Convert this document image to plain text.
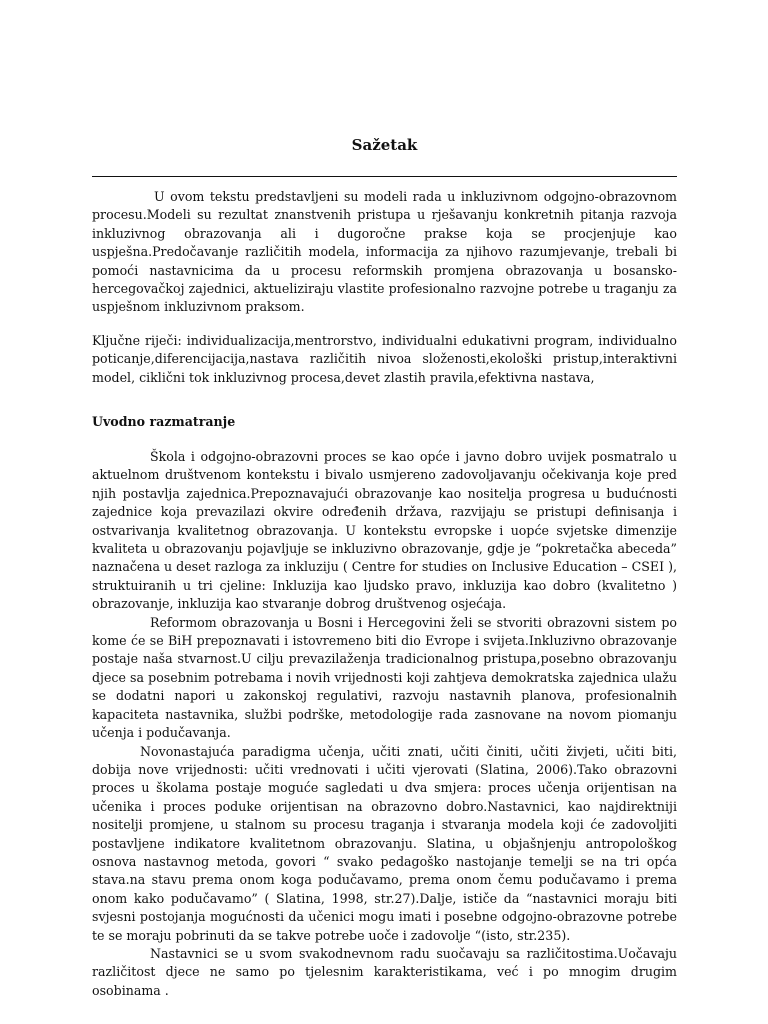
Sažetak

U ovom tekstu predstavljeni su modeli rada u inkluzivnom odgojno-obrazovnom procesu.Modeli su rezultat znanstvenih pristupa u rješavanju konkretnih pitanja razvoja inkluzivnog obrazovanja ali i dugoročne prakse koja se procjenjuje kao uspješna.Predočavanje različitih modela, informacija za njihovo razumjevanje, trebali bi pomoći nastavnicima da u procesu reformskih promjena obrazovanja u bosansko-hercegovačkoj zajednici, aktueliziraju vlastite profesionalno razvojne potrebe u traganju za uspješnom inkluzivnom praksom.

Ključne riječi: individualizacija,mentrorstvo, individualni edukativni program, individualno poticanje,diferencijacija,nastava različitih nivoa složenosti,ekološki pristup,interaktivni model, ciklični tok inkluzivnog procesa,devet zlastih pravila,efektivna nastava,

Uvodno razmatranje

Škola i odgojno-obrazovni proces se kao opće i javno dobro uvijek posmatralo u aktuelnom društvenom kontekstu i bivalo usmjereno zadovoljavanju očekivanja koje pred njih postavlja zajednica.Prepoznavajući obrazovanje kao nositelja progresa u budućnosti zajednice koja prevazilazi okvire određenih država, razvijaju se pristupi definisanja i ostvarivanja kvalitetnog obrazovanja. U kontekstu evropske i uopće svjetske dimenzije kvaliteta u obrazovanju pojavljuje se inkluzivno obrazovanje, gdje je “pokretačka abeceda” naznačena u deset razloga za inkluziju ( Centre for studies on Inclusive Education – CSEI ), struktuiranih u tri cjeline: Inkluzija kao ljudsko pravo, inkluzija kao dobro (kvalitetno ) obrazovanje, inkluzija kao stvaranje dobrog društvenog osjećaja.

Reformom obrazovanja u Bosni i Hercegovini želi se stvoriti obrazovni sistem po kome će se BiH prepoznavati i istovremeno biti dio Evrope i svijeta.Inkluzivno obrazovanje postaje naša stvarnost.U cilju prevazilaženja tradicionalnog pristupa,posebno obrazovanju djece sa posebnim potrebama i novih vrijednosti koji zahtjeva demokratska zajednica ulažu se dodatni napori u zakonskoj regulativi, razvoju nastavnih planova, profesionalnih kapaciteta nastavnika, službi podrške, metodologije rada zasnovane na novom piomanju učenja i podučavanja.

Novonastajuća paradigma učenja, učiti znati, učiti činiti, učiti živjeti, učiti biti, dobija nove vrijednosti: učiti vrednovati i učiti vjerovati (Slatina, 2006).Tako obrazovni proces u školama postaje moguće sagledati u dva smjera: proces učenja orijentisan na učenika i proces poduke orijentisan na obrazovno dobro.Nastavnici, kao najdirektniji nositelji promjene, u stalnom su procesu traganja i stvaranja modela koji će zadovoljiti postavljene indikatore kvalitetnom obrazovanju. Slatina, u objašnjenju antropološkog osnova nastavnog metoda, govori “ svako pedagoško nastojanje temelji se na tri opća stava.na stavu prema onom koga podučavamo, prema onom čemu podučavamo i prema onom kako podučavamo” ( Slatina, 1998, str.27).Dalje, ističe da “nastavnici moraju biti svjesni postojanja mogućnosti da učenici mogu imati i posebne odgojno-obrazovne potrebe te se moraju pobrinuti da se takve potrebe uoče i zadovolje “(isto, str.235).

Nastavnici se u svom svakodnevnom radu suočavaju sa različitostima.Uočavaju različitost djece ne samo po tjelesnim karakteristikama, već i po mnogim drugim osobinama .
